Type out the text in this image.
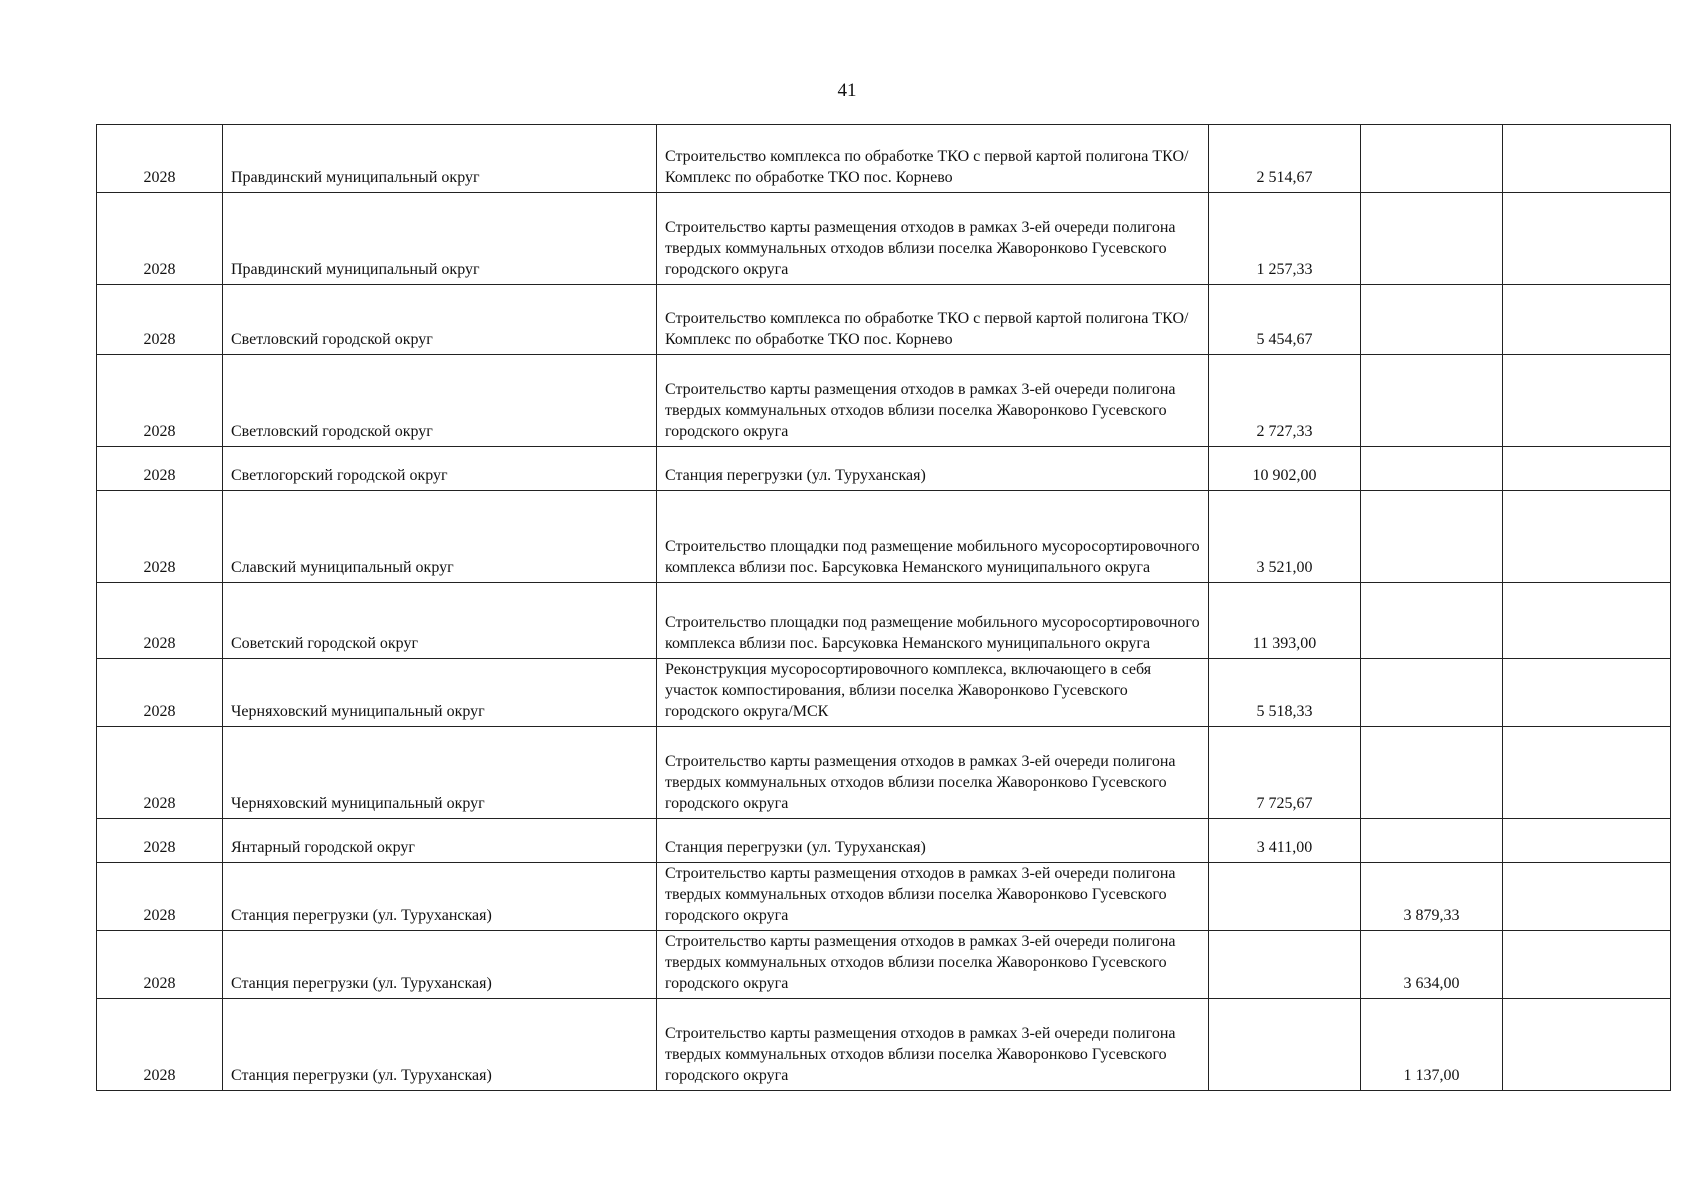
41
2028	Правдинский муниципальный округ	Строительство комплекса по обработке ТКО с первой картой полигона ТКО/Комплекс по обработке ТКО пос. Корнево	2 514,67		
2028	Правдинский муниципальный округ	Строительство карты размещения отходов в рамках 3-ей очереди полигона твердых коммунальных отходов вблизи поселка Жаворонково Гусевского городского округа	1 257,33		
2028	Светловский городской округ	Строительство комплекса по обработке ТКО с первой картой полигона ТКО/Комплекс по обработке ТКО пос. Корнево	5 454,67		
2028	Светловский городской округ	Строительство карты размещения отходов в рамках 3-ей очереди полигона твердых коммунальных отходов вблизи поселка Жаворонково Гусевского городского округа	2 727,33		
2028	Светлогорский городской округ	Станция перегрузки (ул. Туруханская)	10 902,00		
2028	Славский муниципальный округ	Строительство площадки под размещение мобильного мусоросортировочного комплекса вблизи пос. Барсуковка Неманского муниципального округа	3 521,00		
2028	Советский городской округ	Строительство площадки под размещение мобильного мусоросортировочного комплекса вблизи пос. Барсуковка Неманского муниципального округа	11 393,00		
2028	Черняховский муниципальный округ	Реконструкция мусоросортировочного комплекса, включающего в себя участок компостирования, вблизи поселка Жаворонково Гусевского городского округа/МСК	5 518,33		
2028	Черняховский муниципальный округ	Строительство карты размещения отходов в рамках 3-ей очереди полигона твердых коммунальных отходов вблизи поселка Жаворонково Гусевского городского округа	7 725,67		
2028	Янтарный городской округ	Станция перегрузки (ул. Туруханская)	3 411,00		
2028	Станция перегрузки (ул. Туруханская)	Строительство карты размещения отходов в рамках 3-ей очереди полигона твердых коммунальных отходов вблизи поселка Жаворонково Гусевского городского округа		3 879,33	
2028	Станция перегрузки (ул. Туруханская)	Строительство карты размещения отходов в рамках 3-ей очереди полигона твердых коммунальных отходов вблизи поселка Жаворонково Гусевского городского округа		3 634,00	
2028	Станция перегрузки (ул. Туруханская)	Строительство карты размещения отходов в рамках 3-ей очереди полигона твердых коммунальных отходов вблизи поселка Жаворонково Гусевского городского округа		1 137,00	
